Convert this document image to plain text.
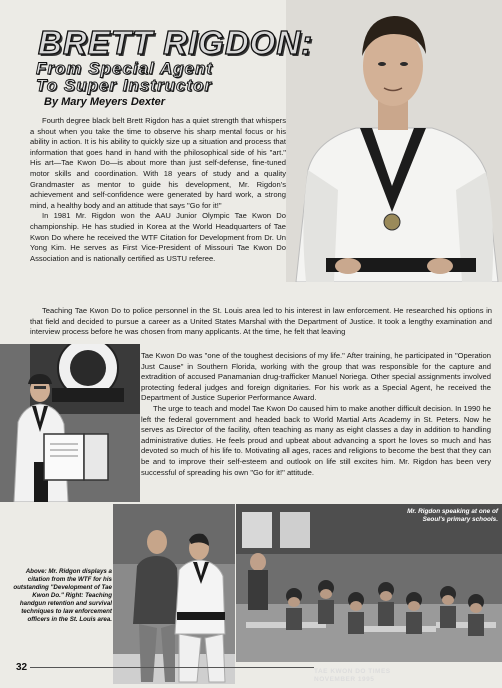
BRETT RIGDON:
From Special Agent
To Super Instructor
By Mary Meyers Dexter

Fourth degree black belt Brett Rigdon has a quiet strength that whispers a shout when you take the time to observe his sharp mental focus or his ability in action. It is his ability to quickly size up a situation and process that information that goes hand in hand with the philosophical side of his "art." His art—Tae Kwon Do—is about more than just self-defense, fine-tuned motor skills and coordination. With 18 years of study and a quality Grandmaster as mentor to guide his development, Mr. Rigdon's achievement and self-confidence were generated by hard work, a strong mind, a healthy body and an attitude that says "Go for it!"

In 1981 Mr. Rigdon won the AAU Junior Olympic Tae Kwon Do championship. He has studied in Korea at the World Headquarters of Tae Kwon Do where he received the WTF Citation for Development from Dr. Un Yong Kim. He serves as First Vice-President of Missouri Tae Kwon Do Association and is nationally certified as USTU referee.

Teaching Tae Kwon Do to police personnel in the St. Louis area led to his interest in law enforcement. He researched his options in that field and decided to pursue a career as a United States Marshal with the Department of Justice. It took a lengthy examination and interview process before he was chosen from many applicants. At the time, he felt that leaving

Tae Kwon Do was "one of the toughest decisions of my life." After training, he participated in "Operation Just Cause" in Southern Florida, working with the group that was responsible for the capture and extradition of accused Panamanian drug-trafficker Manuel Noriega. Other special assignments involved protecting federal judges and foreign dignitaries. For his work as a Special Agent, he received the Department of Justice Superior Performance Award.

The urge to teach and model Tae Kwon Do caused him to make another difficult decision. In 1990 he left the federal government and headed back to World Martial Arts Academy in St. Peters. Now he serves as Director of the facility, often teaching as many as eight classes a day in addition to handling administrative duties. He feels proud and upbeat about advancing a sport he loves so much and has devoted so much of his life to. Motivating all ages, races and religions to become the best that they can be and to improve their self-esteem and outlook on life still excites him. Mr. Rigdon has been very successful of spreading his own "Go for it!" attitude.

Above: Mr. Ridgon displays a citation from the WTF for his outstanding "Development of Tae Kwon Do." Right: Teaching handgun retention and survival techniques to law enforcement officers in the St. Louis area.
Mr. Rigdon speaking at one of Seoul's primary schools.
32	TAE KWON DO TIMES
NOVEMBER 1995
